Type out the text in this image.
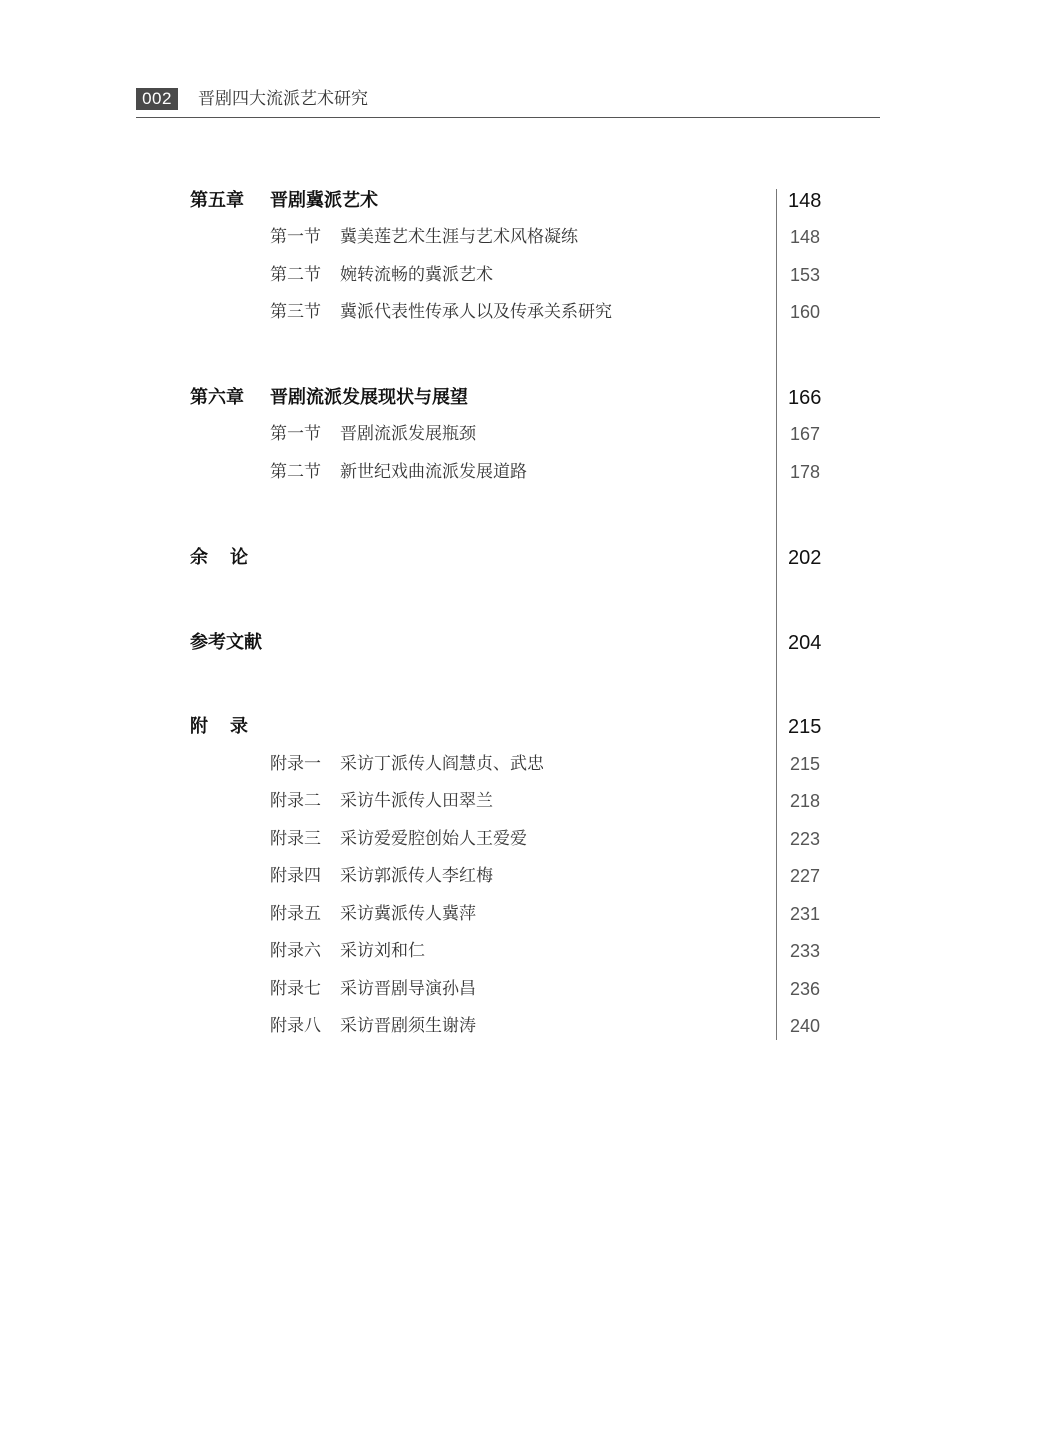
002	晋剧四大流派艺术研究
第五章 晋剧冀派艺术	148
第一节 冀美莲艺术生涯与艺术风格凝练	148
第二节 婉转流畅的冀派艺术	153
第三节 冀派代表性传承人以及传承关系研究	160
第六章 晋剧流派发展现状与展望	166
第一节 晋剧流派发展瓶颈	167
第二节 新世纪戏曲流派发展道路	178
余论	202
参考文献	204
附录	215
附录一 采访丁派传人阎慧贞、武忠	215
附录二 采访牛派传人田翠兰	218
附录三 采访爱爱腔创始人王爱爱	223
附录四 采访郭派传人李红梅	227
附录五 采访冀派传人冀萍	231
附录六 采访刘和仁	233
附录七 采访晋剧导演孙昌	236
附录八 采访晋剧须生谢涛	240
